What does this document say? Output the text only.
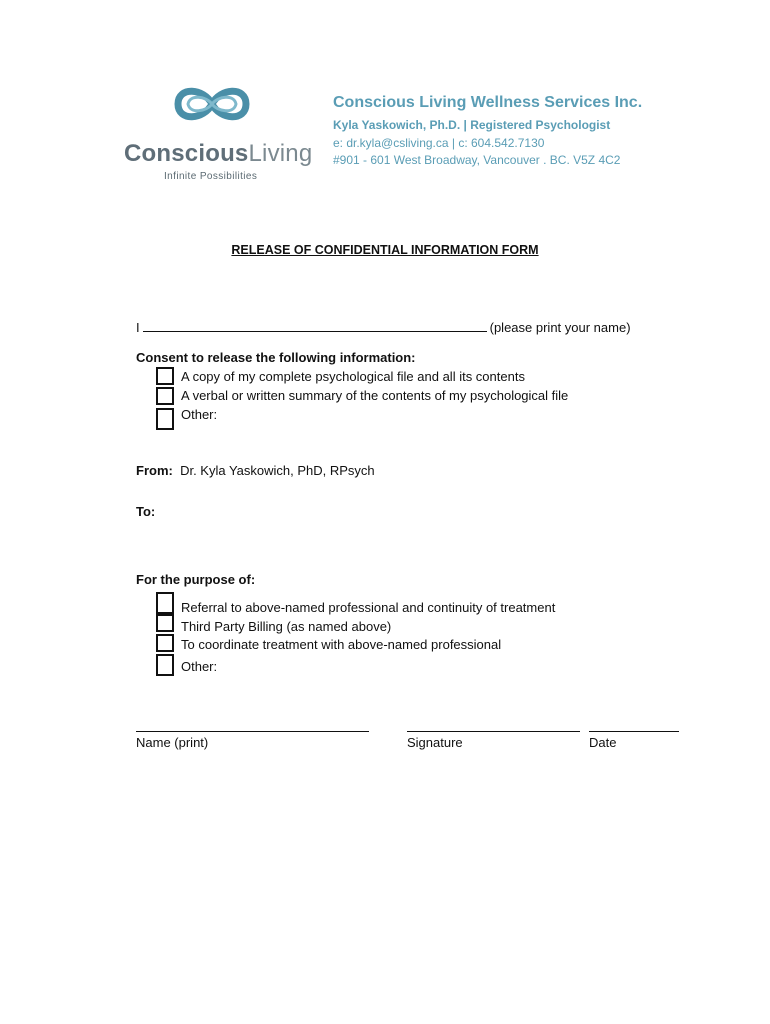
ConsciousLiving
Infinite Possibilities
Conscious Living Wellness Services Inc.
Kyla Yaskowich, Ph.D. | Registered Psychologist
e: dr.kyla@csliving.ca | c: 604.542.7130
#901 - 601 West Broadway, Vancouver . BC. V5Z 4C2
RELEASE OF CONFIDENTIAL INFORMATION FORM
I	(please print your name)
Consent to release the following information:
A copy of my complete psychological file and all its contents
A verbal or written summary of the contents of my psychological file
Other:
From: Dr. Kyla Yaskowich, PhD, RPsych
To:
For the purpose of:
Referral to above-named professional and continuity of treatment
Third Party Billing (as named above)
To coordinate treatment with above-named professional
Other:
Name (print)	Signature	Date
